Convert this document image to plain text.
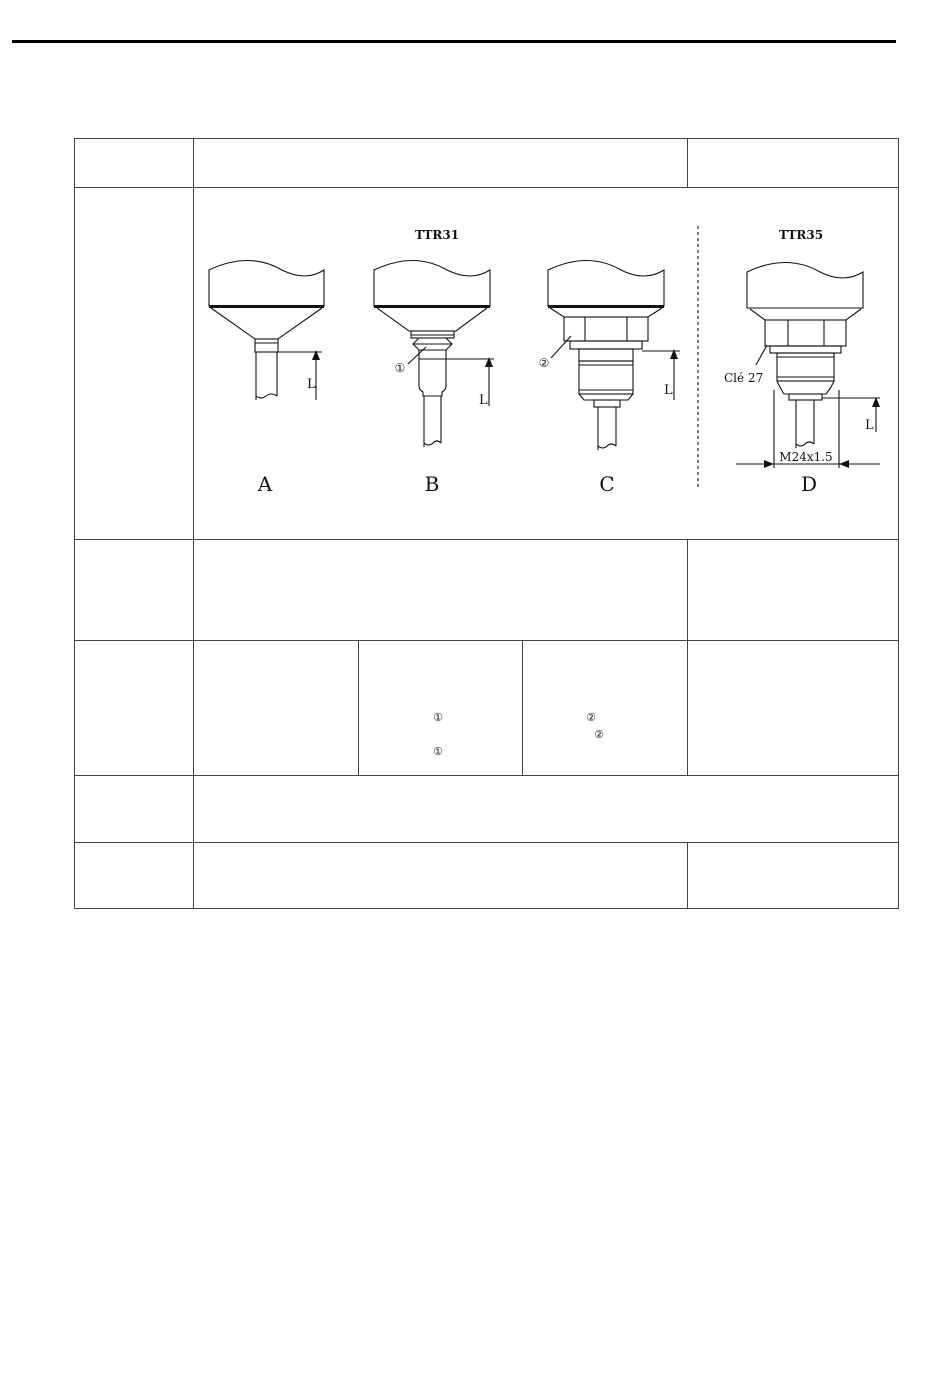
TTR31	TTR35
L
A
L
①
B
L
②
C
L
Clé 27
M24x1.5
D
①
①
②
②
